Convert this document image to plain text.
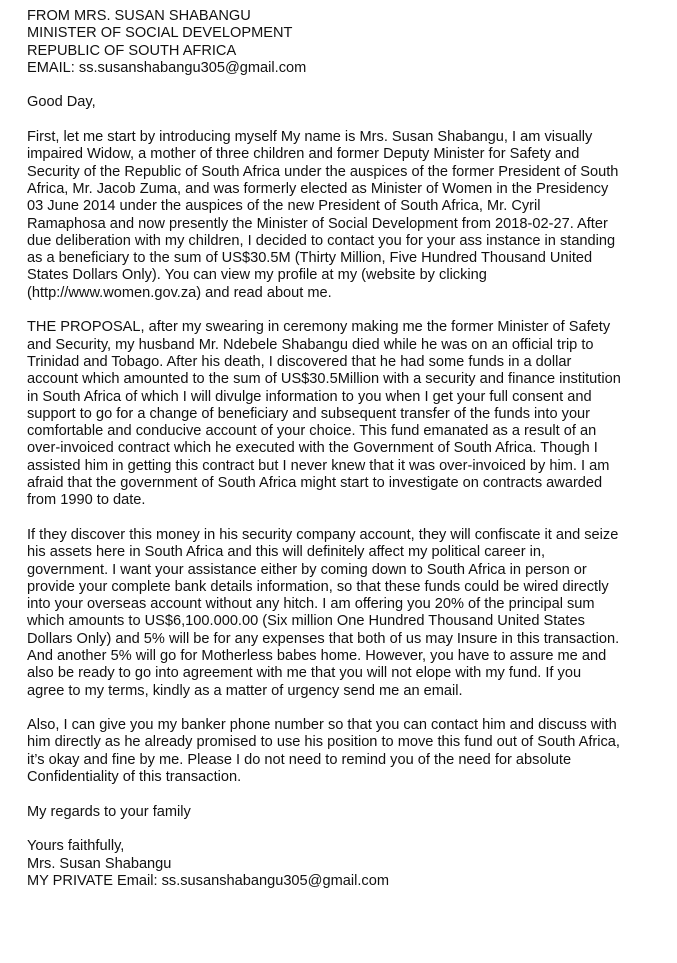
FROM MRS. SUSAN SHABANGU
MINISTER OF SOCIAL DEVELOPMENT
REPUBLIC OF SOUTH AFRICA
EMAIL: ss.susanshabangu305@gmail.com
Good Day,
First, let me start by introducing myself My name is Mrs. Susan Shabangu, I am visually
impaired Widow, a mother of three children and former Deputy Minister for Safety and
Security of the Republic of South Africa under the auspices of the former President of South
Africa, Mr. Jacob Zuma, and was formerly elected as Minister of Women in the Presidency
03 June 2014 under the auspices of the new President of South Africa, Mr. Cyril
Ramaphosa and now presently the Minister of Social Development from 2018-02-27. After
due deliberation with my children, I decided to contact you for your ass instance in standing
as a beneficiary to the sum of US$30.5M (Thirty Million, Five Hundred Thousand United
States Dollars Only). You can view my profile at my (website by clicking
(http://www.women.gov.za) and read about me.
THE PROPOSAL, after my swearing in ceremony making me the former Minister of Safety
and Security, my husband Mr. Ndebele Shabangu died while he was on an official trip to
Trinidad and Tobago. After his death, I discovered that he had some funds in a dollar
account which amounted to the sum of US$30.5Million with a security and finance institution
in South Africa of which I will divulge information to you when I get your full consent and
support to go for a change of beneficiary and subsequent transfer of the funds into your
comfortable and conducive account of your choice. This fund emanated as a result of an
over-invoiced contract which he executed with the Government of South Africa. Though I
assisted him in getting this contract but I never knew that it was over-invoiced by him. I am
afraid that the government of South Africa might start to investigate on contracts awarded
from 1990 to date.
If they discover this money in his security company account, they will confiscate it and seize
his assets here in South Africa and this will definitely affect my political career in,
government. I want your assistance either by coming down to South Africa in person or
provide your complete bank details information, so that these funds could be wired directly
into your overseas account without any hitch. I am offering you 20% of the principal sum
which amounts to US$6,100.000.00 (Six million One Hundred Thousand United States
Dollars Only) and 5% will be for any expenses that both of us may Insure in this transaction.
And another 5% will go for Motherless babes home. However, you have to assure me and
also be ready to go into agreement with me that you will not elope with my fund. If you
agree to my terms, kindly as a matter of urgency send me an email.
Also, I can give you my banker phone number so that you can contact him and discuss with
him directly as he already promised to use his position to move this fund out of South Africa,
it’s okay and fine by me. Please I do not need to remind you of the need for absolute
Confidentiality of this transaction.
My regards to your family
Yours faithfully,
Mrs. Susan Shabangu
MY PRIVATE Email: ss.susanshabangu305@gmail.com
